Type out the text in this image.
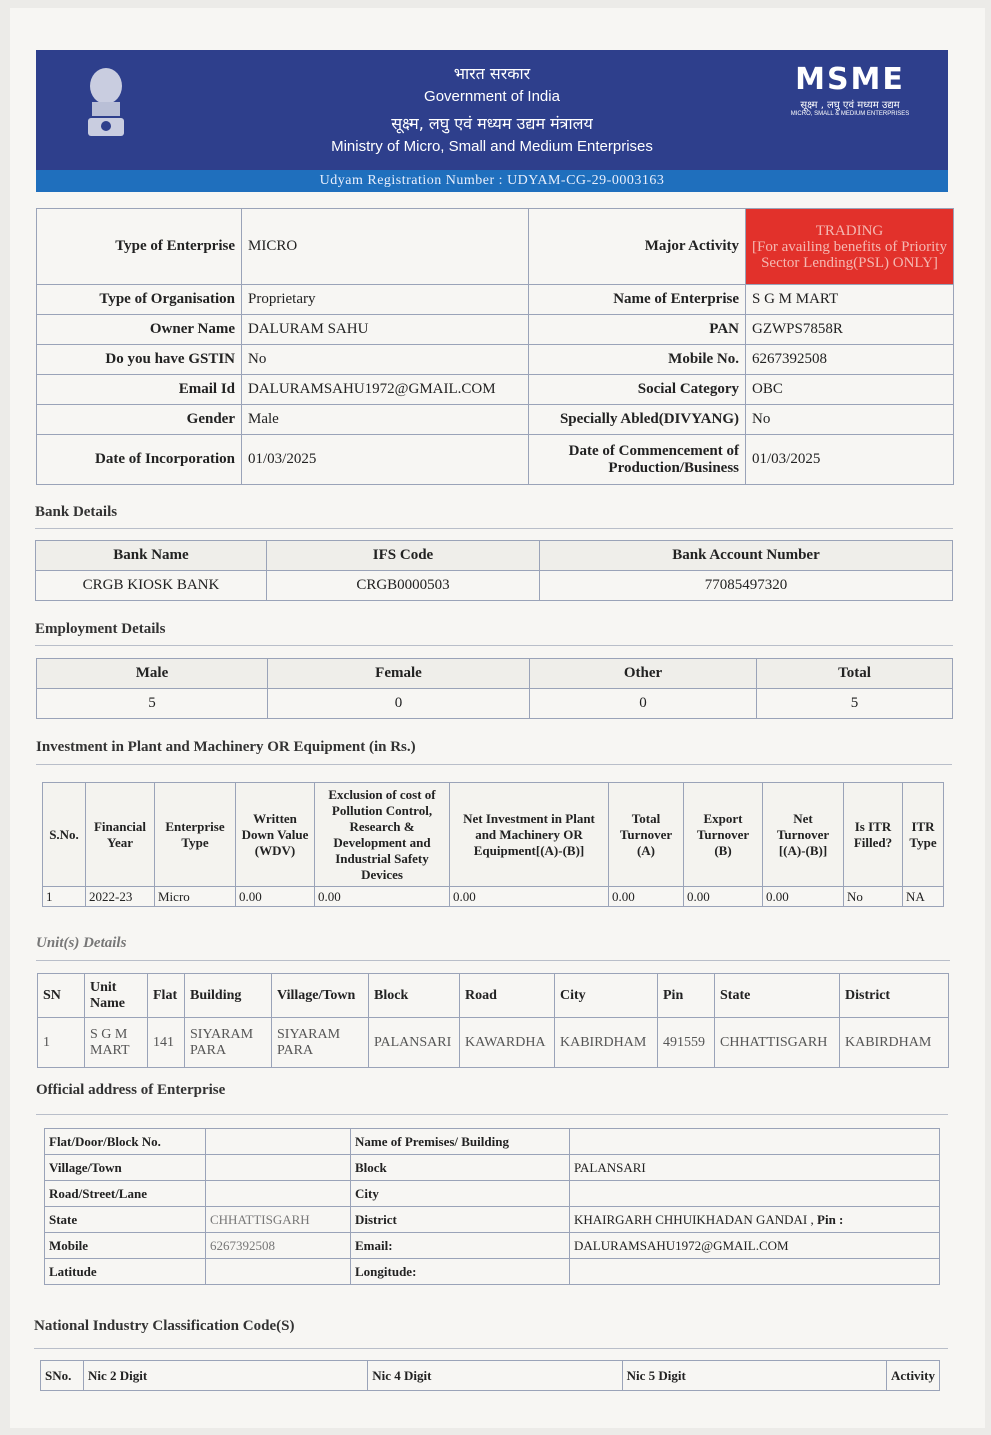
भारत सरकार
Government of India
सूक्ष्म, लघु एवं मध्यम उद्यम मंत्रालय
Ministry of Micro, Small and Medium Enterprises
MSME
सूक्ष्म , लघु एवं मध्यम उद्यम
MICRO, SMALL & MEDIUM ENTERPRISES
Udyam Registration Number : UDYAM-CG-29-0003163
Type of Enterprise	MICRO	Major Activity	TRADING
[For availing benefits of Priority Sector Lending(PSL) ONLY]
Type of Organisation	Proprietary	Name of Enterprise	S G M MART
Owner Name	DALURAM SAHU	PAN	GZWPS7858R
Do you have GSTIN	No	Mobile No.	6267392508
Email Id	DALURAMSAHU1972@GMAIL.COM	Social Category	OBC
Gender	Male	Specially Abled(DIVYANG)	No
Date of Incorporation	01/03/2025	Date of Commencement of Production/Business	01/03/2025
Bank Details
Bank Name	IFS Code	Bank Account Number
CRGB KIOSK BANK	CRGB0000503	77085497320
Employment Details
Male	Female	Other	Total
5	0	0	5
Investment in Plant and Machinery OR Equipment (in Rs.)
S.No.	Financial Year	Enterprise Type	Written Down Value (WDV)	Exclusion of cost of Pollution Control, Research & Development and Industrial Safety Devices	Net Investment in Plant and Machinery OR Equipment[(A)-(B)]	Total Turnover (A)	Export Turnover (B)	Net Turnover [(A)-(B)]	Is ITR Filled?	ITR Type
1	2022-23	Micro	0.00	0.00	0.00	0.00	0.00	0.00	No	NA
Unit(s) Details
SN	Unit Name	Flat	Building	Village/Town	Block	Road	City	Pin	State	District
1	S G M MART	141	SIYARAM PARA	SIYARAM PARA	PALANSARI	KAWARDHA	KABIRDHAM	491559	CHHATTISGARH	KABIRDHAM
Official address of Enterprise
Flat/Door/Block No.		Name of Premises/ Building	
Village/Town		Block	PALANSARI
Road/Street/Lane		City	
State	CHHATTISGARH	District	KHAIRGARH CHHUIKHADAN GANDAI , Pin :
Mobile	6267392508	Email:	DALURAMSAHU1972@GMAIL.COM
Latitude		Longitude:	
National Industry Classification Code(S)
SNo.	Nic 2 Digit	Nic 4 Digit	Nic 5 Digit	Activity
